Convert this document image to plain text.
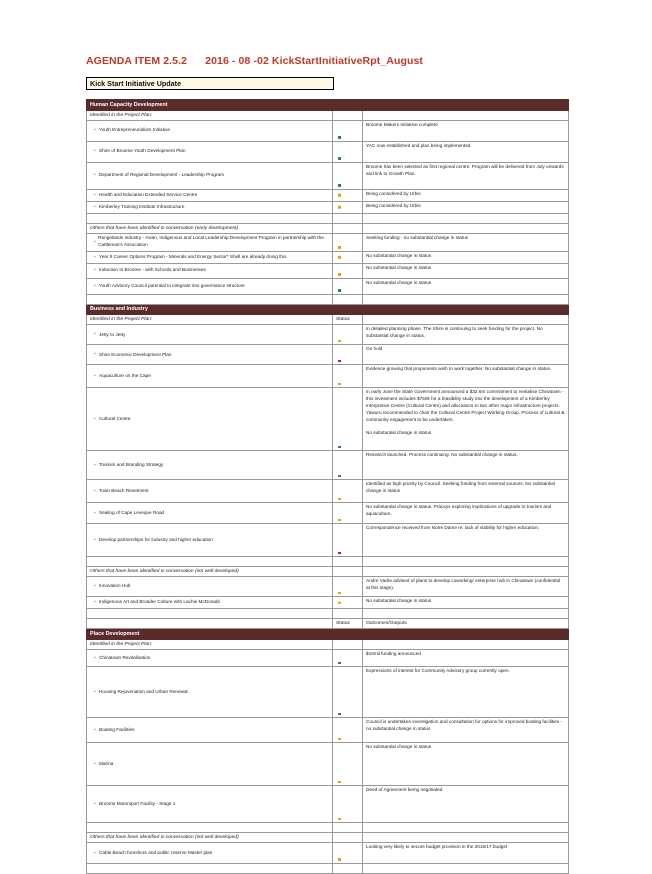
AGENDA ITEM 2.5.2 2016 - 08 -02 KickStartInitiativeRpt_August
Kick Start Initiative Update
Human Capacity Development		
Identified in the Project Plan:		

▪ Youth Entrepreneurialism Initiative		Broome Makers Initiative complete

▪ Shire of Broome Youth Development Plan		YAC now established and plan being implemented

▪ Department of Regional Development - Leadership Program		Broome has been selected as first regional centre. Program will be delivered from July onwards and link to Growth Plan.

▪ Health and Education Extended Service Centre		Being considered by Urbis

▪ Kimberley Training Institute Infrastructure		Being considered by Urbis

Others that have been identified in conversation (early development)		

▪
Rangelands Industry - Asian, Indigenous and Local Leadership Development Program in partnership with the Cattleman's Association		Seeking funding - no substantial change in status

▪ Year 9 Career Options Program - Minerals and Energy Sector* Shell are already doing this		No substantial change in status

▪ Induction to Broome - with Schools and Businesses		No substantial change in status

▪ Youth Advisory Council potential to integrate into governance structure		No substantial change in status

Business and Industry		
Identified in the Project Plan:	Status	

▪ Jetty to Jetty		In detailed planning phase. The Shire is continuing to seek funding for the project. No substantial change in status.

▪ Shire Economic Development Plan		On hold

▪ Aquaculture on the Cape		Evidence growing that proponents wish to work together. No substantial change in status.

▪ Cultural Centre		In early June the State Government announced a $32.6m commitment to revitalise Chinatown - this investment includes $750k for a feasibility study into the development of a Kimberley Interpretive Centre (Cultural Centre) and allocations to two other major infrastructure projects. Yawuru recommended to chair the Cultural Centre Project Working Group. Process of cultural & community engagement to be undertaken.

No substantial change in status

▪ Tourism and Branding Strategy		Research launched. Process continuing. No substantial change in status.

▪ Town Beach Revetment		Identified as high priority by Council. Seeking funding from external sources. No substantial change in status

▪ Sealing of Cape Leveque Road		No substantial change in status. Pracsys exploring implications of upgrade to tourism and aquaculture.

▪ Develop partnerships for industry and higher education		Correspondence received from Notre Dame re: lack of viability for higher education.

Others that have been identified in conversation (not well developed)		

▪ Innovation Hub		Andre Vadre advised of plans to develop coworking/ enterprise hub in Chinatown (confidential at this stage).

▪ Indigenous Art and Broader Culture with Lachie McDonald		No substantial change in status

	Status	Outcomes/Outputs
Place Development		
Identified in the Project Plan:		

▪ Chinatown Revitalisation		$10mil funding announced

▪ Housing Rejuvenation and Urban Renewal		Expressions of interest for Community Advisory group currently open.

▪ Boating Facilities		Council is undertaken investigation and consultation for options for improved boating facilities - no substantial change in status

▪ Marina		No substantial change in status

▪ Broome Motorsport Facility - Stage 1		Deed of Agreement being negotiated

Others that have been identified in conversation (not well developed)		

▪ Cable Beach foreshore and public reserve Master plan		Looking very likely to secure budget provision in the 2016/17 budget
